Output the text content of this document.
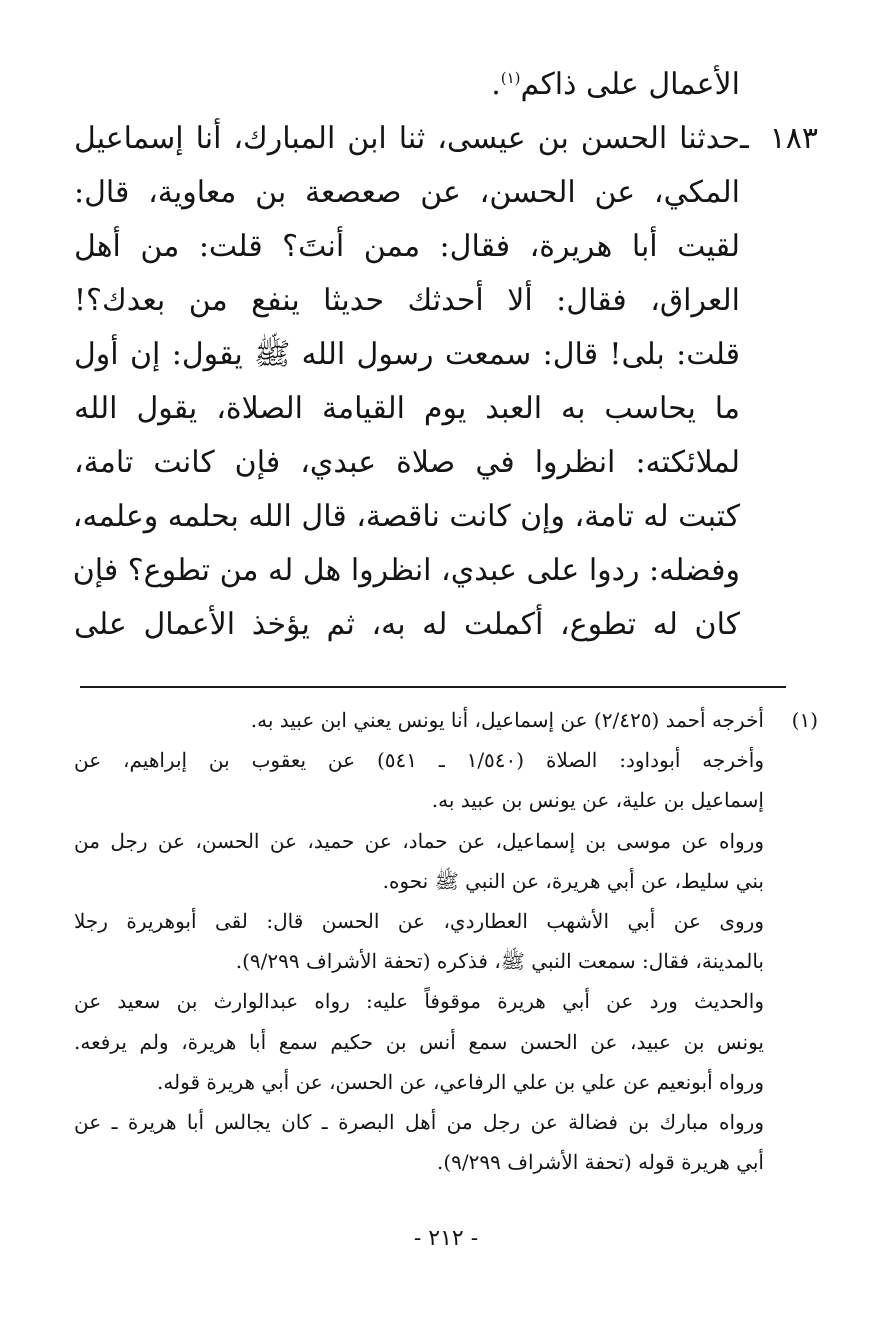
الأعمال على ذاكم$^{(١)}$.
١٨٣ ـحدثنا الحسن بن عيسى، ثنا ابن المبارك، أنا إسماعيل
المكي، عن الحسن، عن صعصعة بن معاوية، قال:
لقيت أبا هريرة، فقال: ممن أنتَ؟ قلت: من أهل
العراق، فقال: ألا أحدثك حديثا ينفع من بعدك؟!
قلت: بلى! قال: سمعت رسول الله ﷺ يقول: إن أول
ما يحاسب به العبد يوم القيامة الصلاة، يقول الله
لملائكته: انظروا في صلاة عبدي، فإن كانت تامة،
كتبت له تامة، وإن كانت ناقصة، قال الله بحلمه وعلمه،
وفضله: ردوا على عبدي، انظروا هل له من تطوع؟ فإن
كان له تطوع، أكملت له به، ثم يؤخذ الأعمال على
(١)أخرجه أحمد (٢/٤٢٥) عن إسماعيل، أنا يونس يعني ابن عبيد به.
وأخرجه أبوداود: الصلاة (١/٥٤٠ ـ ٥٤١) عن يعقوب بن إبراهيم، عن
إسماعيل بن علية، عن يونس بن عبيد به.
ورواه عن موسى بن إسماعيل، عن حماد، عن حميد، عن الحسن، عن رجل من
بني سليط، عن أبي هريرة، عن النبي ﷺ نحوه.
وروى عن أبي الأشهب العطاردي، عن الحسن قال: لقى أبوهريرة رجلا
بالمدينة، فقال: سمعت النبي ﷺ، فذكره (تحفة الأشراف ٩/٢٩٩).
والحديث ورد عن أبي هريرة موقوفاً عليه: رواه عبدالوارث بن سعيد عن
يونس بن عبيد، عن الحسن سمع أنس بن حكيم سمع أبا هريرة، ولم يرفعه.
ورواه أبونعيم عن علي بن علي الرفاعي، عن الحسن، عن أبي هريرة قوله.
ورواه مبارك بن فضالة عن رجل من أهل البصرة ـ كان يجالس أبا هريرة ـ عن
أبي هريرة قوله (تحفة الأشراف ٩/٢٩٩).
- ٢١٢ -
